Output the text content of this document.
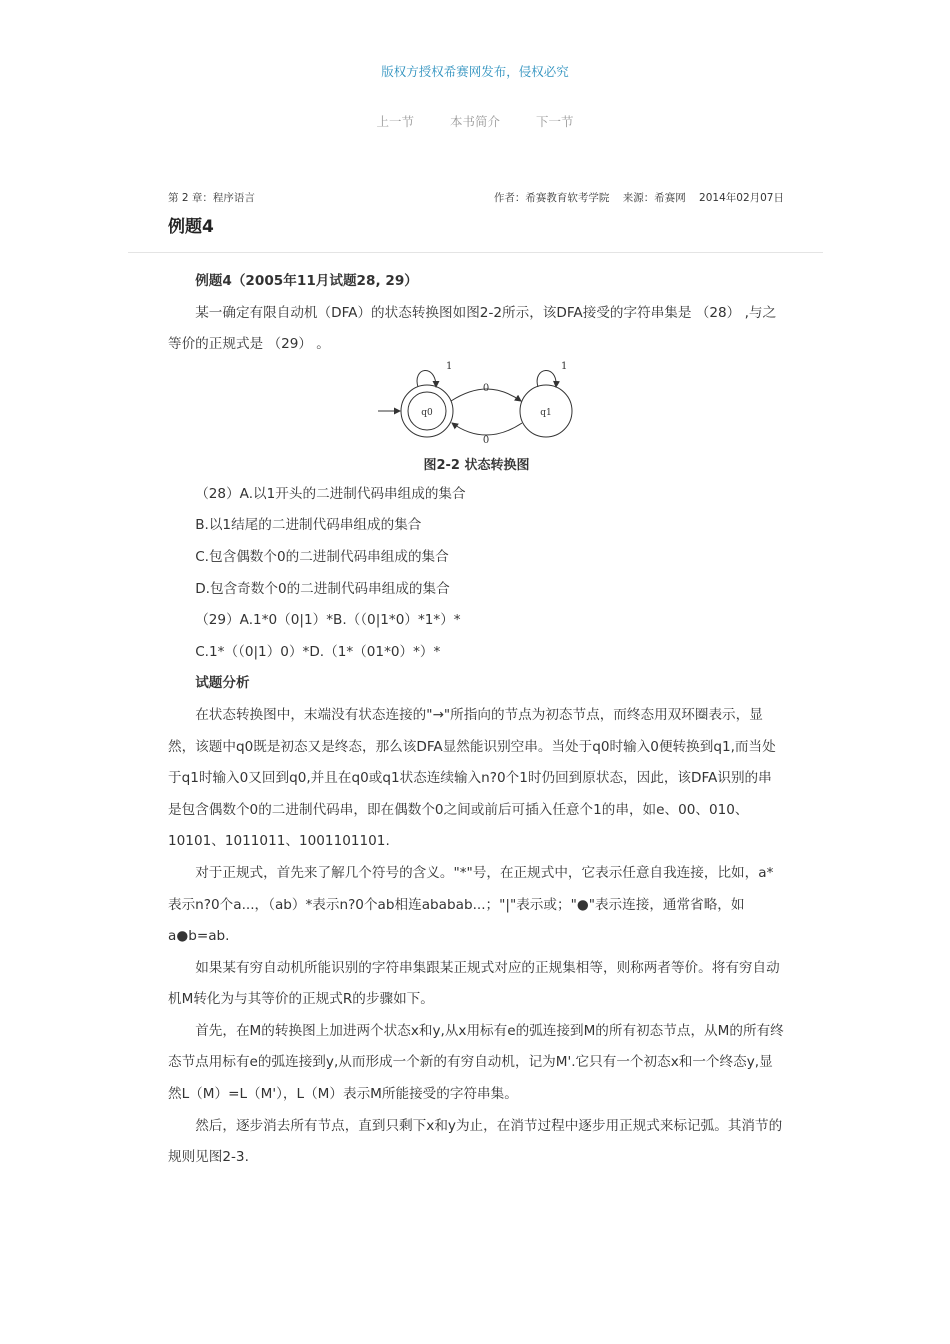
版权方授权希赛网发布，侵权必究
上一节	本书简介	下一节
第 2 章：程序语言	作者：希赛教育软考学院 来源：希赛网 2014年02月07日
例题4

例题4（2005年11月试题28, 29）

某一确定有限自动机（DFA）的状态转换图如图2-2所示，该DFA接受的字符串集是 （28） ,与之等价的正规式是 （29） 。

q0	q1
1	1
0
0
图2-2 状态转换图

（28）A.以1开头的二进制代码串组成的集合

B.以1结尾的二进制代码串组成的集合

C.包含偶数个0的二进制代码串组成的集合

D.包含奇数个0的二进制代码串组成的集合

（29）A.1*0（0|1）*B.（（0|1*0）*1*）*

C.1*（（0|1）0）*D.（1*（01*0）*）*

试题分析

在状态转换图中，末端没有状态连接的"→"所指向的节点为初态节点，而终态用双环圈表示，显然，该题中q0既是初态又是终态，那么该DFA显然能识别空串。当处于q0时输入0便转换到q1,而当处于q1时输入0又回到q0,并且在q0或q1状态连续输入n?0个1时仍回到原状态，因此，该DFA识别的串是包含偶数个0的二进制代码串，即在偶数个0之间或前后可插入任意个1的串，如e、00、010、10101、1011011、1001101101.

对于正规式，首先来了解几个符号的含义。"*"号，在正规式中，它表示任意自我连接，比如，a*表示n?0个a...，（ab）*表示n?0个ab相连ababab...；"|"表示或；"●"表示连接，通常省略，如a●b=ab.

如果某有穷自动机所能识别的字符串集跟某正规式对应的正规集相等，则称两者等价。将有穷自动机M转化为与其等价的正规式R的步骤如下。

首先，在M的转换图上加进两个状态x和y,从x用标有e的弧连接到M的所有初态节点，从M的所有终态节点用标有e的弧连接到y,从而形成一个新的有穷自动机，记为M'.它只有一个初态x和一个终态y,显然L（M）=L（M'），L（M）表示M所能接受的字符串集。

然后，逐步消去所有节点，直到只剩下x和y为止，在消节过程中逐步用正规式来标记弧。其消节的规则见图2-3.
